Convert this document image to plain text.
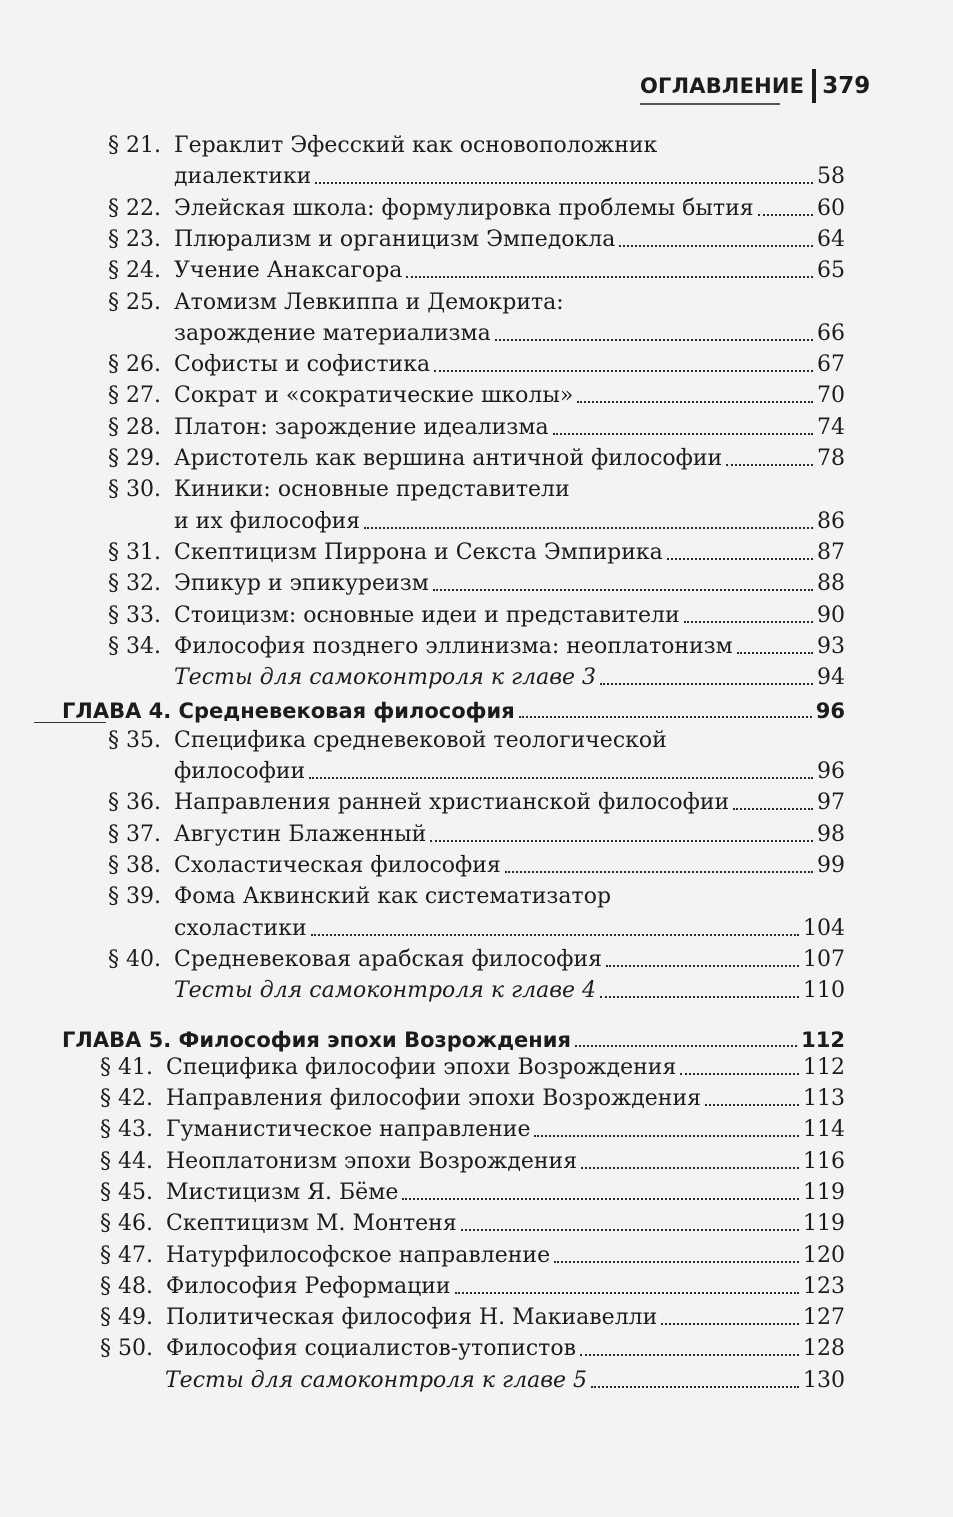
ОГЛАВЛЕНИЕ 379
§ 21. Гераклит Эфесский как основоположник
диалектики	58
§ 22. Элейская школа: формулировка проблемы бытия	60
§ 23. Плюрализм и органицизм Эмпедокла	64
§ 24. Учение Анаксагора	65
§ 25. Атомизм Левкиппа и Демокрита:
зарождение материализма	66
§ 26. Софисты и софистика	67
§ 27. Сократ и «сократические школы»	70
§ 28. Платон: зарождение идеализма	74
§ 29. Аристотель как вершина античной философии	78
§ 30. Киники: основные представители
и их философия	86
§ 31. Скептицизм Пиррона и Секста Эмпирика	87
§ 32. Эпикур и эпикуреизм	88
§ 33. Стоицизм: основные идеи и представители	90
§ 34. Философия позднего эллинизма: неоплатонизм	93
Тесты для самоконтроля к главе 3	94
ГЛАВА 4. Средневековая философия	96
§ 35. Специфика средневековой теологической
философии	96
§ 36. Направления ранней христианской философии	97
§ 37. Августин Блаженный	98
§ 38. Схоластическая философия	99
§ 39. Фома Аквинский как систематизатор
схоластики	104
§ 40. Средневековая арабская философия	107
Тесты для самоконтроля к главе 4	110
ГЛАВА 5. Философия эпохи Возрождения	112
§ 41. Специфика философии эпохи Возрождения	112
§ 42. Направления философии эпохи Возрождения	113
§ 43. Гуманистическое направление	114
§ 44. Неоплатонизм эпохи Возрождения	116
§ 45. Мистицизм Я. Бёме	119
§ 46. Скептицизм М. Монтеня	119
§ 47. Натурфилософское направление	120
§ 48. Философия Реформации	123
§ 49. Политическая философия Н. Макиавелли	127
§ 50. Философия социалистов-утопистов	128
Тесты для самоконтроля к главе 5	130
